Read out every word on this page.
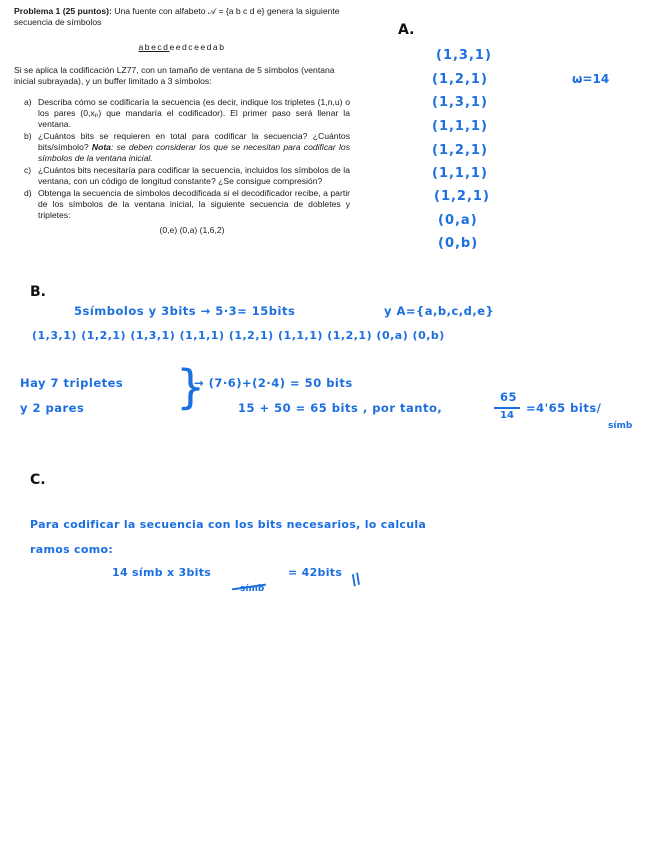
Problema 1 (25 puntos): Una fuente con alfabeto 𝒜 = {a b c d e} genera la siguiente secuencia de símbolos

abecdeedceedab

Si se aplica la codificación LZ77, con un tamaño de ventana de 5 símbolos (ventana inicial subrayada), y un buffer limitado a 3 símbolos:

a) Describa cómo se codificaría la secuencia (es decir, indique los tripletes (1,n,u) o los pares (0,xₚ) que mandaría el codificador). El primer paso será llenar la ventana.
b) ¿Cuántos bits se requieren en total para codificar la secuencia? ¿Cuántos bits/símbolo? Nota: se deben considerar los que se necesitan para codificar los símbolos de la ventana inicial.
c) ¿Cuántos bits necesitaría para codificar la secuencia, incluidos los símbolos de la ventana, con un código de longitud constante? ¿Se consigue compresión?
d) Obtenga la secuencia de símbolos decodificada si el decodificador recibe, a partir de los símbolos de la ventana inicial, la siguiente secuencia de dobletes y tripletes:

(0,e) (0,a) (1,6,2)

A.
(1,3,1)
(1,2,1)
(1,3,1)
(1,1,1)
(1,2,1)
(1,1,1)
(1,2,1)
(0,a)
(0,b)
ω=14
B.
5símbolos y 3bits → 5·3= 15bits	y A={a,b,c,d,e}
(1,3,1) (1,2,1) (1,3,1) (1,1,1) (1,2,1) (1,1,1) (1,2,1) (0,a) (0,b)
Hay 7 tripletes
y 2 pares }
→ (7·6)+(2·4) = 50 bits
15 + 50 = 65 bits , por tanto,
65
14
=4'65 bits/
símb
C.
Para codificar la secuencia con los bits necesarios, lo calcula
ramos como:
14 símb x 3bits
símb
= 42bits //
